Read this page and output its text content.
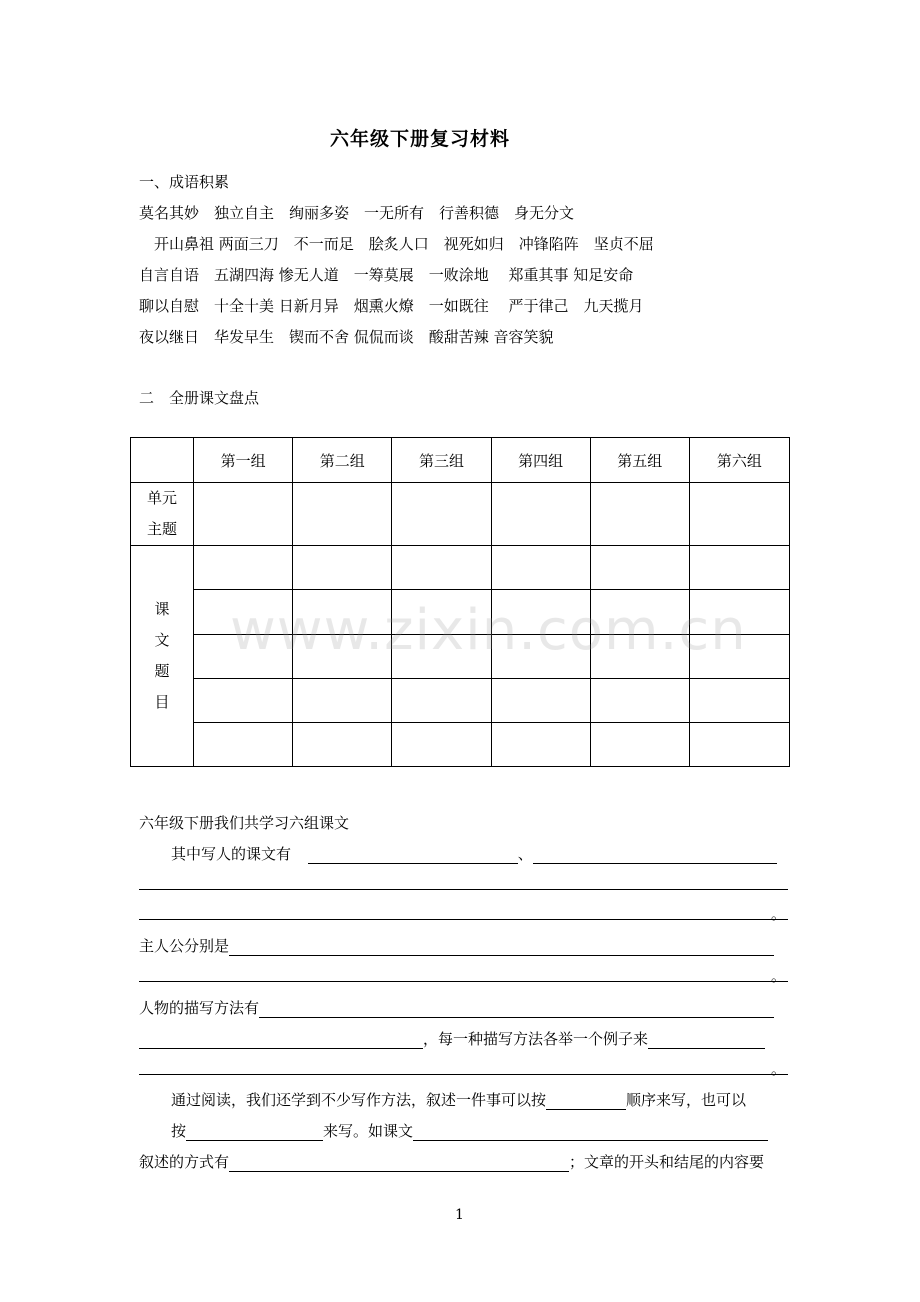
六年级下册复习材料
一、成语积累
莫名其妙　独立自主　绚丽多姿　一无所有　行善积德　身无分文
　开山鼻祖 两面三刀　不一而足　脍炙人口　视死如归　冲锋陷阵　坚贞不屈
自言自语　五湖四海 惨无人道　一筹莫展　一败涂地　 郑重其事 知足安命
聊以自慰　十全十美 日新月异　烟熏火燎　一如既往　 严于律己　九天揽月
夜以继日　华发早生　锲而不舍 侃侃而谈　酸甜苦辣 音容笑貌
二　全册课文盘点
	第一组	第二组	第三组	第四组	第五组	第六组

单元
主题						

课
文
题
目						

www.zixin.com.cn
六年级下册我们共学习六组课文
其中写人的课文有	、
。
主人公分别是
。
人物的描写方法有
，每一种描写方法各举一个例子来
。
通过阅读，我们还学到不少写作方法，叙述一件事可以按	顺序来写，也可以
按	来写。如课文
叙述的方式有	；文章的开头和结尾的内容要
1
